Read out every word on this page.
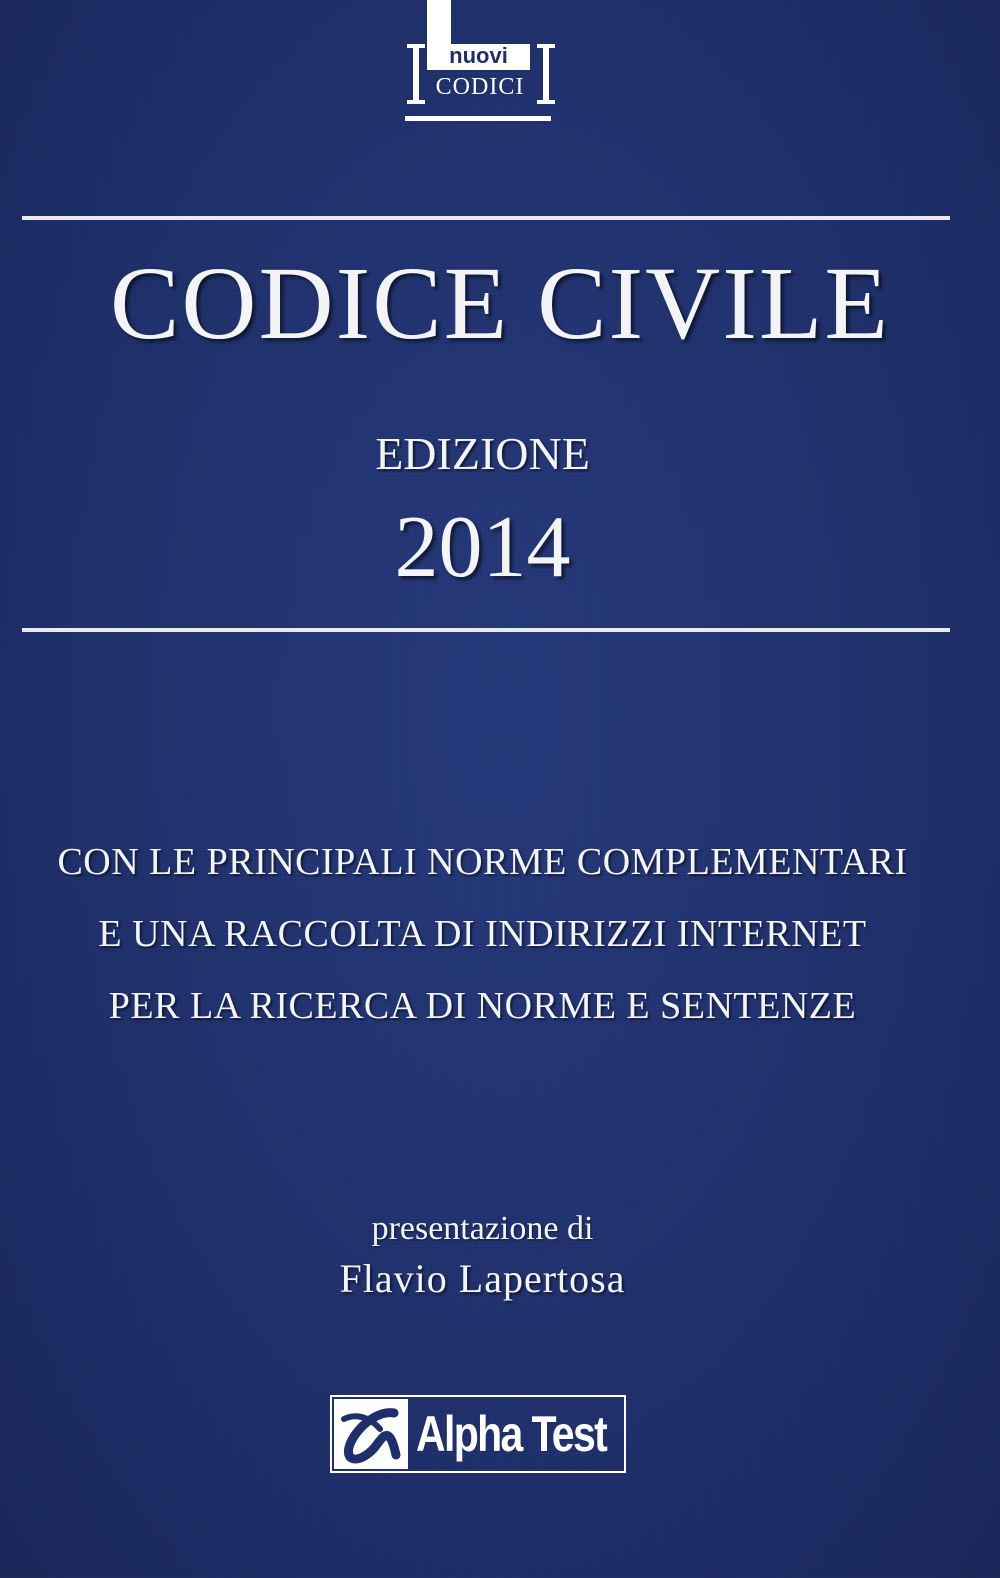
nuovi
CODICI
CODICE CIVILE
EDIZIONE
2014
CON LE PRINCIPALI NORME COMPLEMENTARI
E UNA RACCOLTA DI INDIRIZZI INTERNET
PER LA RICERCA DI NORME E SENTENZE
presentazione di
Flavio Lapertosa
Alpha Test
